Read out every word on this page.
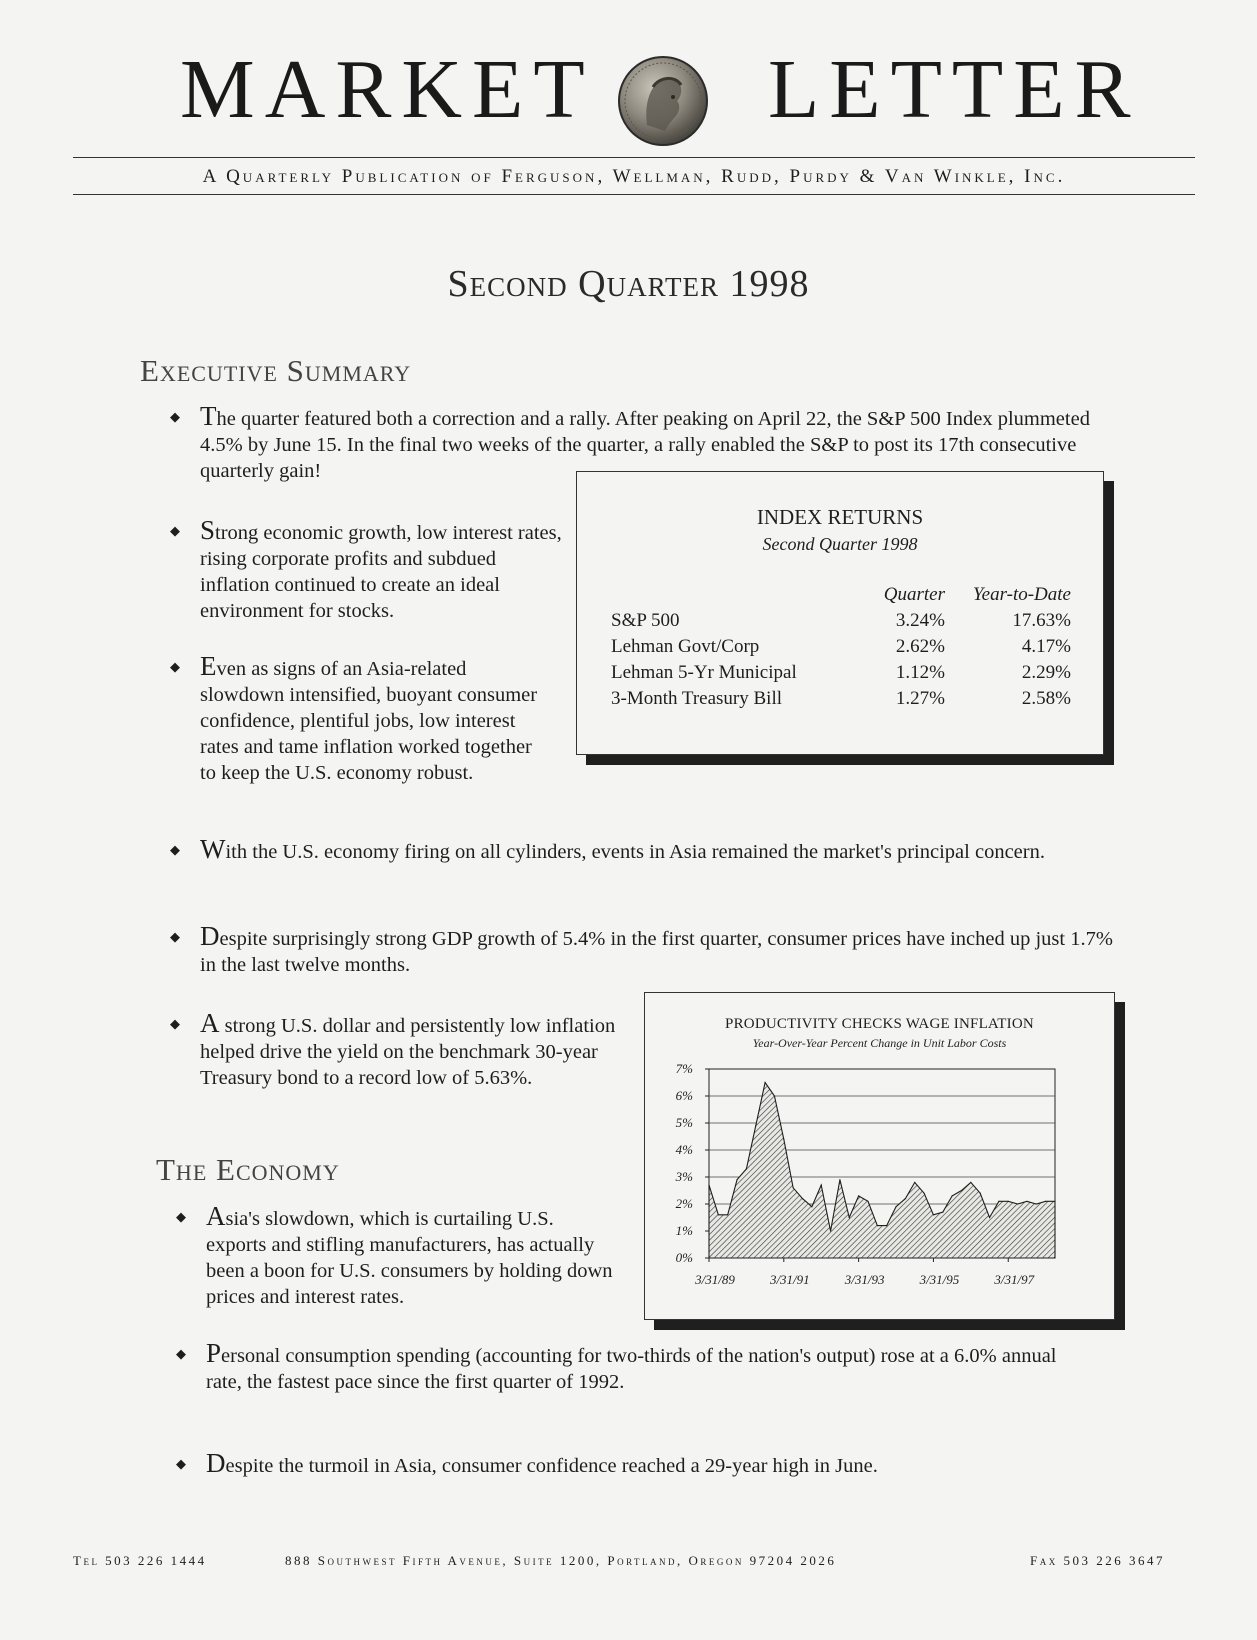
MARKET LETTER
A Quarterly Publication of Ferguson, Wellman, Rudd, Purdy & Van Winkle, Inc.
Second Quarter 1998
Executive Summary
◆ The quarter featured both a correction and a rally. After peaking on April 22, the S&P 500 Index plummeted 4.5% by June 15. In the final two weeks of the quarter, a rally enabled the S&P to post its 17th consecutive quarterly gain!
◆ Strong economic growth, low interest rates, rising corporate profits and subdued inflation continued to create an ideal environment for stocks.
◆ Even as signs of an Asia-related slowdown intensified, buoyant consumer confidence, plentiful jobs, low interest rates and tame inflation worked together to keep the U.S. economy robust.
◆ With the U.S. economy firing on all cylinders, events in Asia remained the market's principal concern.
◆ Despite surprisingly strong GDP growth of 5.4% in the first quarter, consumer prices have inched up just 1.7% in the last twelve months.
◆ A strong U.S. dollar and persistently low inflation helped drive the yield on the benchmark 30-year Treasury bond to a record low of 5.63%.
The Economy
◆ Asia's slowdown, which is curtailing U.S. exports and stifling manufacturers, has actually been a boon for U.S. consumers by holding down prices and interest rates.
◆ Personal consumption spending (accounting for two-thirds of the nation's output) rose at a 6.0% annual rate, the fastest pace since the first quarter of 1992.
◆ Despite the turmoil in Asia, consumer confidence reached a 29-year high in June.
INDEX RETURNS
Second Quarter 1998
Quarter Year-to-Date
S&P 500	3.24%	17.63%
Lehman Govt/Corp	2.62%	4.17%
Lehman 5-Yr Municipal	1.12%	2.29%
3-Month Treasury Bill	1.27%	2.58%
PRODUCTIVITY CHECKS WAGE INFLATION
Year-Over-Year Percent Change in Unit Labor Costs
0%
1%
2%
3%
4%
5%
6%
7%
3/31/89	3/31/91	3/31/93	3/31/95	3/31/97
Tel 503 226 1444	888 Southwest Fifth Avenue, Suite 1200, Portland, Oregon 97204 2026	Fax 503 226 3647
